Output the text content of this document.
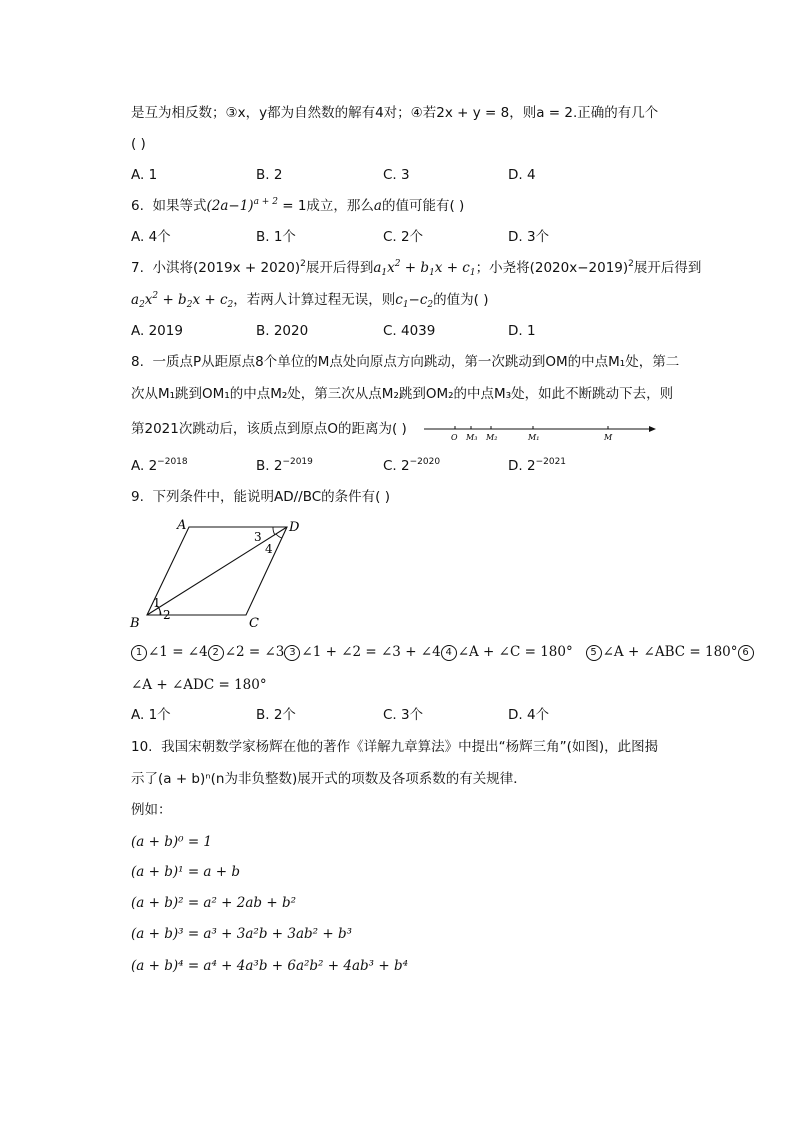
是互为相反数；③x，y都为自然数的解有4对；④若2x + y = 8，则a = 2.正确的有几个
( )
A. 1	B. 2	C. 3	D. 4
6. 如果等式$(2a-1)^{a + 2} = 1$成立，那么a的值可能有( )
A. 4个	B. 1个	C. 2个	D. 3个
7. 小淇将$(2019x + 2020)^2$展开后得到$a_1x^2 + b_1x + c_1$；小尧将$(2020x-2019)^2$展开后得到
$a_2x^2 + b_2x + c_2$，若两人计算过程无误，则$c_1-c_2$的值为( )
A. 2019	B. 2020	C. 4039	D. 1
8. 一质点P从距原点8个单位的M点处向原点方向跳动，第一次跳动到OM的中点M₁处，第二
次从M₁跳到OM₁的中点M₂处，第三次从点M₂跳到OM₂的中点M₃处，如此不断跳动下去，则
第2021次跳动后，该质点到原点O的距离为( )
O M₃ M₂	M₁	M
A. $2^{-2018}$	B. $2^{-2019}$	C. $2^{-2020}$	D. $2^{-2021}$
9. 下列条件中，能说明AD//BC的条件有( )
A	D
B	C
1
2
3
4
1 ∠1 = ∠4 2 ∠2 = ∠3 3 ∠1 + ∠2 = ∠3 + ∠4 4 ∠A + ∠C = 180° 5 ∠A + ∠ABC = 180° 6
∠A + ∠ADC = 180°
A. 1个	B. 2个	C. 3个	D. 4个
10. 我国宋朝数学家杨辉在他的著作《详解九章算法》中提出“杨辉三角”(如图)，此图揭
示了(a + b)ⁿ(n为非负整数)展开式的项数及各项系数的有关规律．
例如：
(a + b)⁰ = 1
(a + b)¹ = a + b
(a + b)² = a² + 2ab + b²
(a + b)³ = a³ + 3a²b + 3ab² + b³
(a + b)⁴ = a⁴ + 4a³b + 6a²b² + 4ab³ + b⁴
